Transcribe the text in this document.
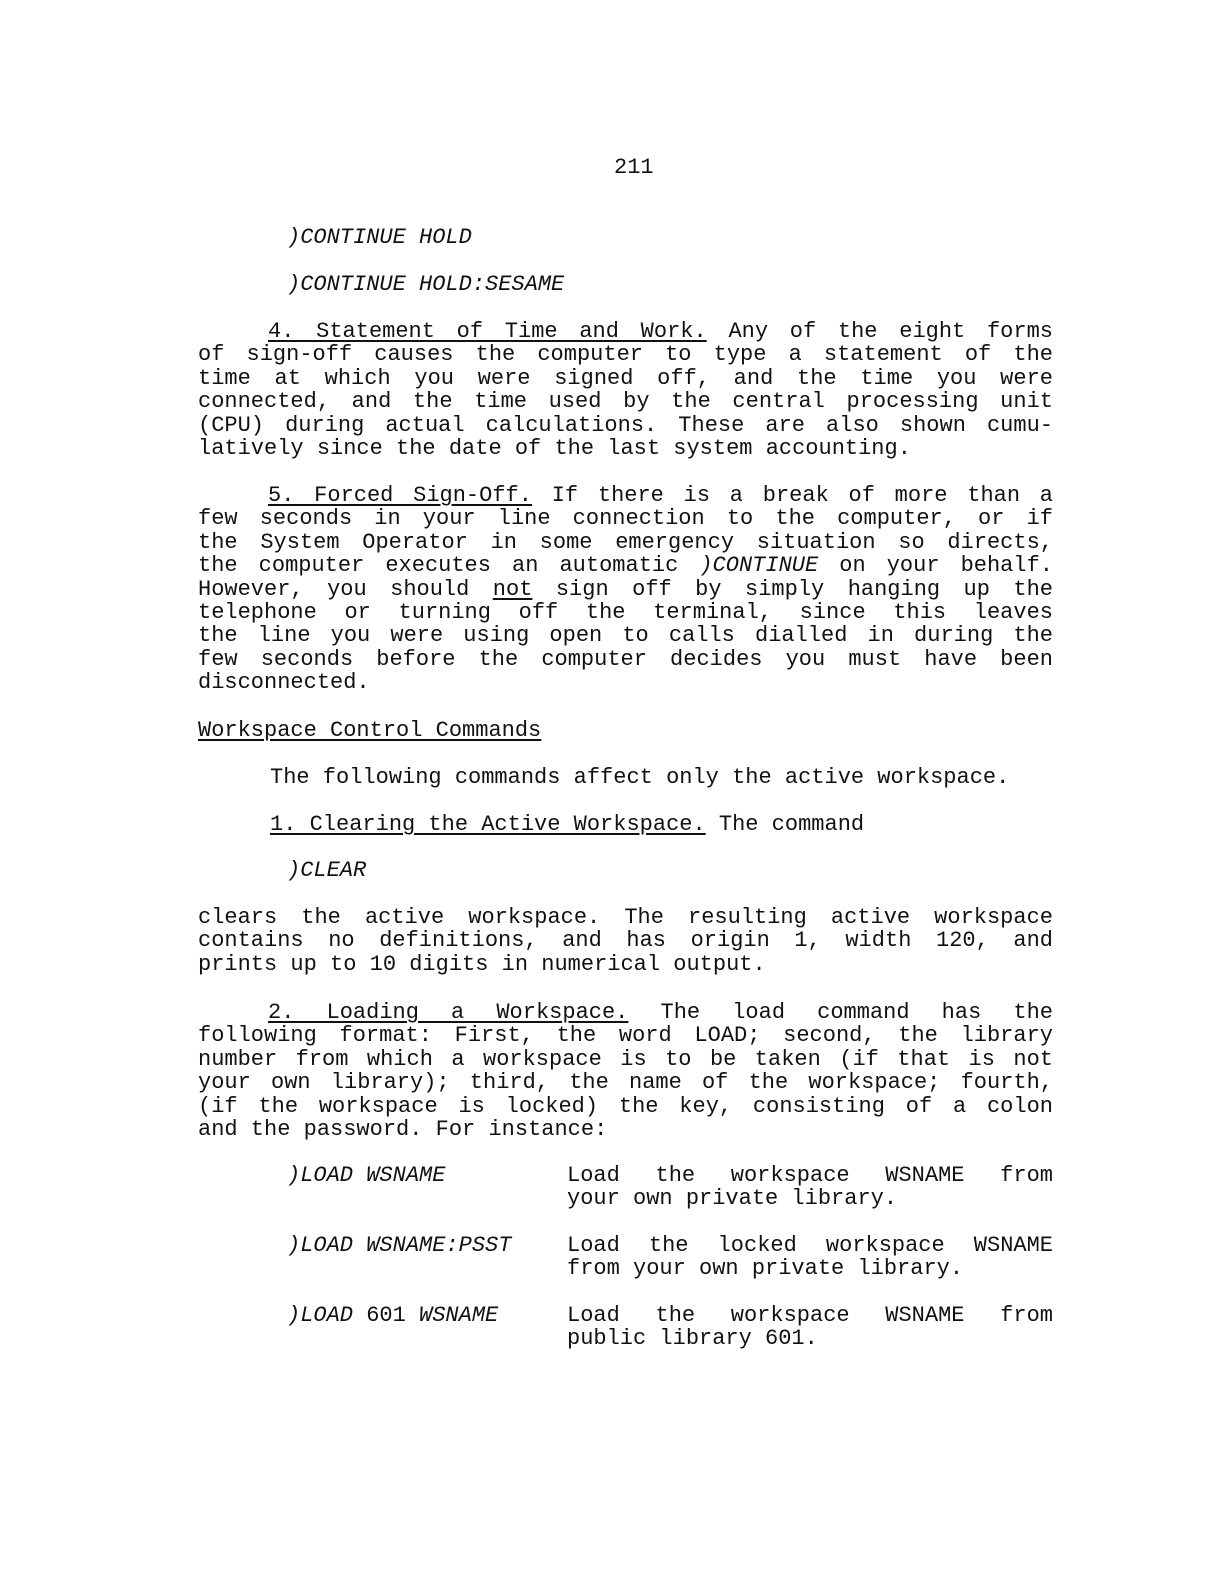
211
)CONTINUE HOLD
)CONTINUE HOLD:SESAME
4. Statement of Time and Work. Any of the eight forms
of sign-off causes the computer to type a statement of the
time at which you were signed off, and the time you were
connected, and the time used by the central processing unit
(CPU) during actual calculations. These are also shown cumu-
latively since the date of the last system accounting.
5. Forced Sign-Off. If there is a break of more than a
few seconds in your line connection to the computer, or if
the System Operator in some emergency situation so directs,
the computer executes an automatic )CONTINUE on your behalf.
However, you should not sign off by simply hanging up the
telephone or turning off the terminal, since this leaves
the line you were using open to calls dialled in during the
few seconds before the computer decides you must have been
disconnected.
Workspace Control Commands
The following commands affect only the active workspace.
1. Clearing the Active Workspace. The command
)CLEAR
clears the active workspace. The resulting active workspace
contains no definitions, and has origin 1, width 120, and
prints up to 10 digits in numerical output.
2. Loading a Workspace. The load command has the
following format: First, the word LOAD; second, the library
number from which a workspace is to be taken (if that is not
your own library); third, the name of the workspace; fourth,
(if the workspace is locked) the key, consisting of a colon
and the password. For instance:
)LOAD WSNAME	Load the workspace WSNAME from
your own private library.
)LOAD WSNAME:PSST	Load the locked workspace WSNAME
from your own private library.
)LOAD 601 WSNAME	Load the workspace WSNAME from
public library 601.
